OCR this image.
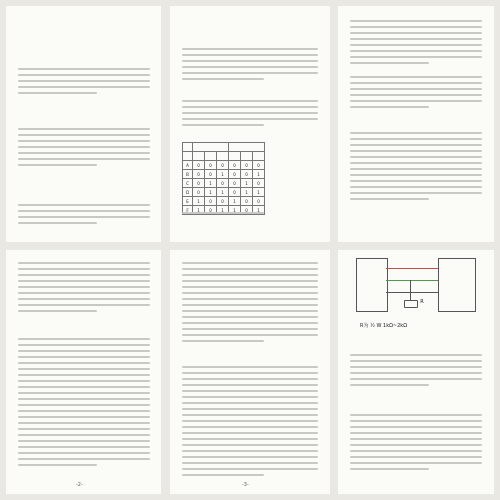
A	0	0	0	0	0	0
B	0	0	1	0	0	1
C	0	1	0	0	1	0
D	0	1	1	0	1	1
E	1	0	0	1	0	0
F	1	0	1	1	0	1

-2-
　　　　　　	-3-
R
R为 ½ W 1kΩ~2kΩ
